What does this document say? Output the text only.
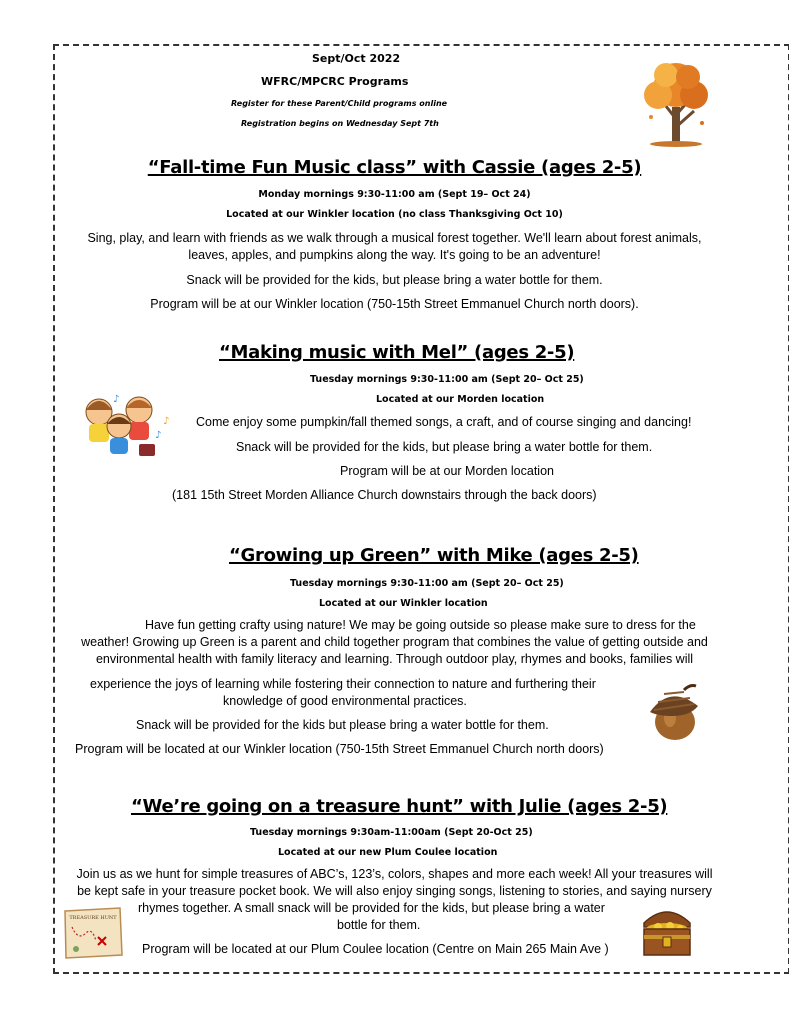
Sept/Oct 2022
WFRC/MPCRC Programs
Register for these Parent/Child programs online
Registration begins on Wednesday Sept 7th
“Fall-time Fun Music class” with Cassie (ages 2-5)
Monday mornings 9:30-11:00 am (Sept 19– Oct 24)
Located at our Winkler location (no class Thanksgiving Oct 10)
Sing, play, and learn with friends as we walk through a musical forest together. We'll learn about forest animals,
leaves, apples, and pumpkins along the way. It's going to be an adventure!
Snack will be provided for the kids, but please bring a water bottle for them.
Program will be at our Winkler location (750-15th Street Emmanuel Church north doors).
“Making music with Mel” (ages 2-5)
Tuesday mornings 9:30-11:00 am (Sept 20– Oct 25)
Located at our Morden location
Come enjoy some pumpkin/fall themed songs, a craft, and of course singing and dancing!
Snack will be provided for the kids, but please bring a water bottle for them.
Program will be at our Morden location
(181 15th Street Morden Alliance Church downstairs through the back doors)
♪
♪
♪
“Growing up Green” with Mike (ages 2-5)
Tuesday mornings 9:30-11:00 am (Sept 20– Oct 25)
Located at our Winkler location
Have fun getting crafty using nature! We may be going outside so please make sure to dress for the
weather! Growing up Green is a parent and child together program that combines the value of getting outside and
environmental health with family literacy and learning. Through outdoor play, rhymes and books, families will
experience the joys of learning while fostering their connection to nature and furthering their
knowledge of good environmental practices.
Snack will be provided for the kids but please bring a water bottle for them.
Program will be located at our Winkler location (750-15th Street Emmanuel Church north doors)
“We’re going on a treasure hunt” with Julie (ages 2-5)
Tuesday mornings 9:30am-11:00am (Sept 20-Oct 25)
Located at our new Plum Coulee location
Join us as we hunt for simple treasures of ABC’s, 123’s, colors, shapes and more each week! All your treasures will
be kept safe in your treasure pocket book. We will also enjoy singing songs, listening to stories, and saying nursery
rhymes together. A small snack will be provided for the kids, but please bring a water
bottle for them.
Program will be located at our Plum Coulee location (Centre on Main 265 Main Ave )
TREASURE HUNT
